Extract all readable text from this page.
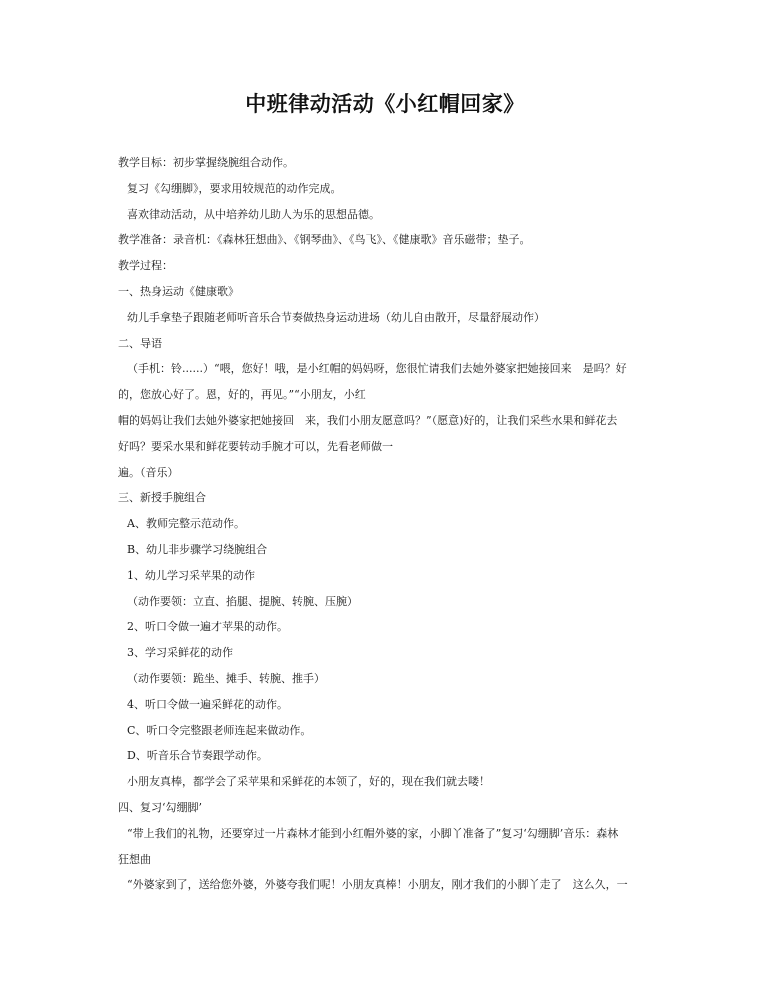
中班律动活动《小红帽回家》
教学目标：初步掌握绕腕组合动作。
复习《勾绷脚》，要求用较规范的动作完成。
喜欢律动活动，从中培养幼儿助人为乐的思想品德。
教学准备：录音机：《森林狂想曲》、《钢琴曲》、《鸟飞》、《健康歌》音乐磁带；垫子。
教学过程：
一、热身运动《健康歌》
幼儿手拿垫子跟随老师听音乐合节奏做热身运动进场（幼儿自由散开，尽量舒展动作）
二、导语
（手机：铃......）“喂，您好！哦，是小红帽的妈妈呀，您很忙请我们去她外婆家把她接回来　是吗？好
的，您放心好了。恩，好的，再见。”“小朋友，小红
帽的妈妈让我们去她外婆家把她接回　来，我们小朋友愿意吗？”（愿意)好的，让我们采些水果和鲜花去
好吗？要采水果和鲜花要转动手腕才可以，先看老师做一
遍。（音乐）
三、新授手腕组合
A、教师完整示范动作。
B、幼儿非步骤学习绕腕组合
1、幼儿学习采苹果的动作
（动作要领：立直、掐腿、提腕、转腕、压腕）
2、听口令做一遍才苹果的动作。
3、学习采鲜花的动作
（动作要领：跪坐、摊手、转腕、推手）
4、听口令做一遍采鲜花的动作。
C、听口令完整跟老师连起来做动作。
D、听音乐合节奏跟学动作。
小朋友真棒，都学会了采苹果和采鲜花的本领了，好的，现在我们就去喽！
四、复习‘勾绷脚’
“带上我们的礼物，还要穿过一片森林才能到小红帽外婆的家，小脚丫准备了”复习‘勾绷脚’音乐：森林
狂想曲
“外婆家到了，送给您外婆，外婆夸我们呢！小朋友真棒！小朋友，刚才我们的小脚丫走了　这么久，一
